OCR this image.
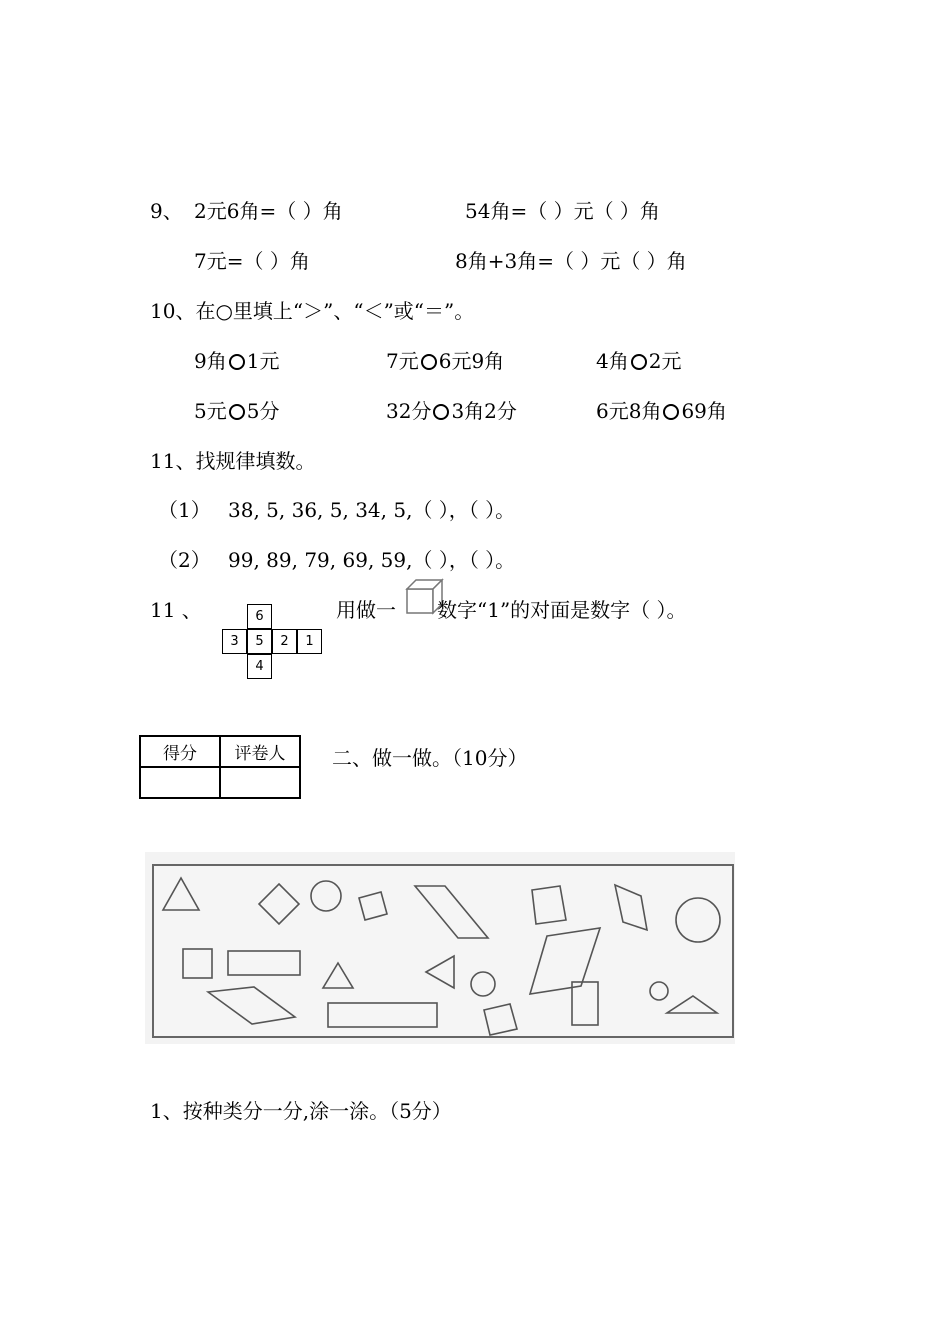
9、 2元6角=（ ）角	54角=（ ）元（ ）角
7元=（ ）角	8角+3角=（ ）元（ ）角
10、在○里填上“＞”、“＜”或“＝”。
9角 1元	7元 6元9角	4角 2元
5元 5分	32分 3角2分	6元8角 69角
11、找规律填数。
（1） 38, 5, 36, 5, 34, 5,（ ），（ ）。
（2） 99, 89, 79, 69, 59,（ ），（ ）。
11 、	6
3	5	2	1
4
用做一 数字“1”的对面是数字（ ）。
得分	评卷人
	二、做一做。（10分）
1、按种类分一分,涂一涂。（5分）
